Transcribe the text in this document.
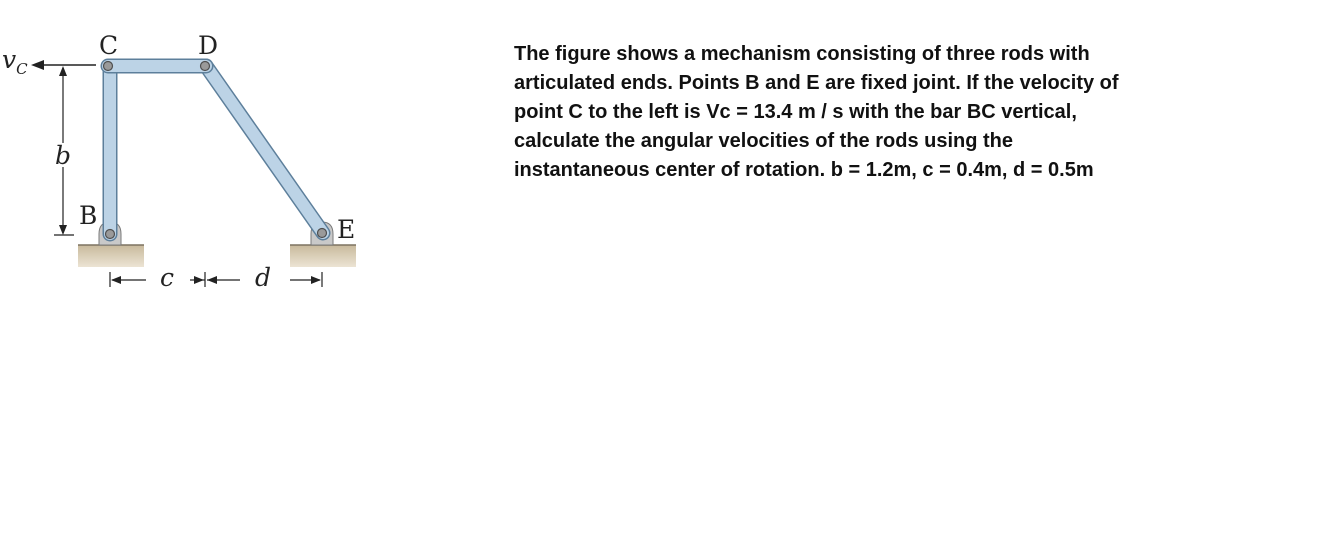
$v_C$
b
c	d
C	D
B	E
The figure shows a mechanism consisting of three rods with
articulated ends. Points B and E are fixed joint. If the velocity of
point C to the left is Vc = 13.4 m / s with the bar BC vertical,
calculate the angular velocities of the rods using the
instantaneous center of rotation. b = 1.2m, c = 0.4m, d = 0.5m
